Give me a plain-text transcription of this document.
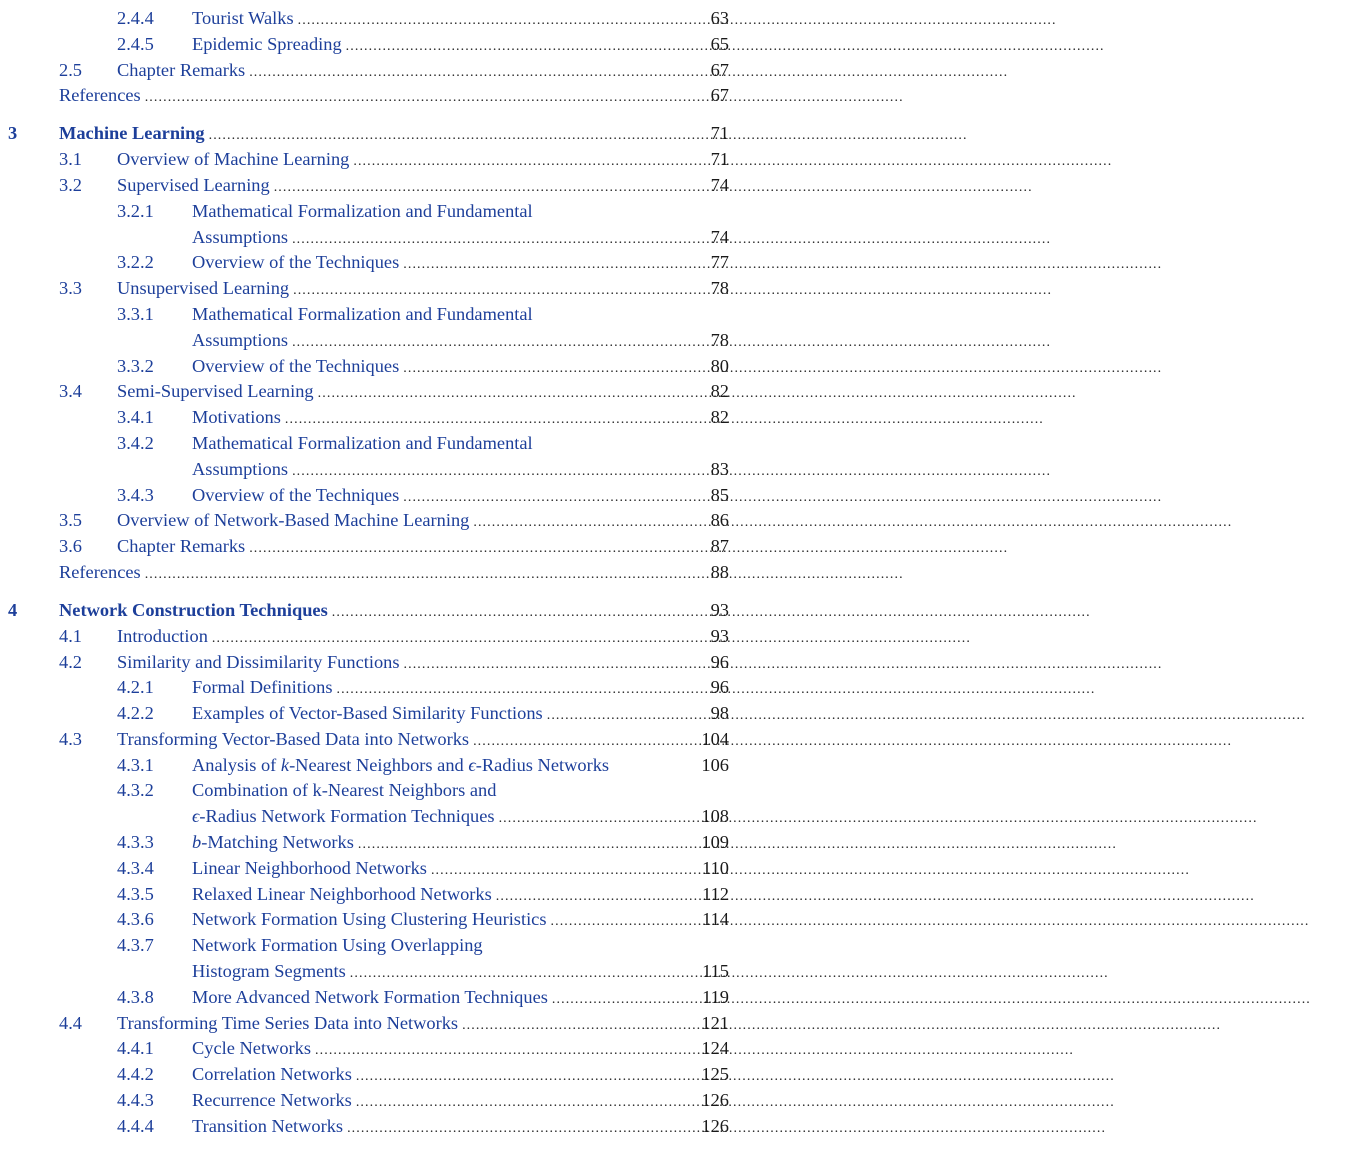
2.4.4 Tourist Walks . . .	63
2.4.5 Epidemic Spreading . . .	65
2.5 Chapter Remarks . . .	67
References . . .	67
3 Machine Learning . . .	71
3.1 Overview of Machine Learning . . .	71
3.2 Supervised Learning . . .	74
3.2.1 Mathematical Formalization and Fundamental
Assumptions . . .	74
3.2.2 Overview of the Techniques . . .	77
3.3 Unsupervised Learning . . .	78
3.3.1 Mathematical Formalization and Fundamental
Assumptions . . .	78
3.3.2 Overview of the Techniques . . .	80
3.4 Semi-Supervised Learning . . .	82
3.4.1 Motivations . . .	82
3.4.2 Mathematical Formalization and Fundamental
Assumptions . . .	83
3.4.3 Overview of the Techniques . . .	85
3.5 Overview of Network-Based Machine Learning . . .	86
3.6 Chapter Remarks . . .	87
References . . .	88
4 Network Construction Techniques . . .	93
4.1 Introduction . . .	93
4.2 Similarity and Dissimilarity Functions . . .	96
4.2.1 Formal Definitions . . .	96
4.2.2 Examples of Vector-Based Similarity Functions . . .	98
4.3 Transforming Vector-Based Data into Networks . . .	104
4.3.1 Analysis of k-Nearest Neighbors and ϵ-Radius Networks	106
4.3.2 Combination of k-Nearest Neighbors and
ϵ-Radius Network Formation Techniques . . .	108
4.3.3 b-Matching Networks . . .	109
4.3.4 Linear Neighborhood Networks . . .	110
4.3.5 Relaxed Linear Neighborhood Networks . . .	112
4.3.6 Network Formation Using Clustering Heuristics . . .	114
4.3.7 Network Formation Using Overlapping
Histogram Segments . . .	115
4.3.8 More Advanced Network Formation Techniques . . .	119
4.4 Transforming Time Series Data into Networks . . .	121
4.4.1 Cycle Networks . . .	124
4.4.2 Correlation Networks . . .	125
4.4.3 Recurrence Networks . . .	126
4.4.4 Transition Networks . . .	126
